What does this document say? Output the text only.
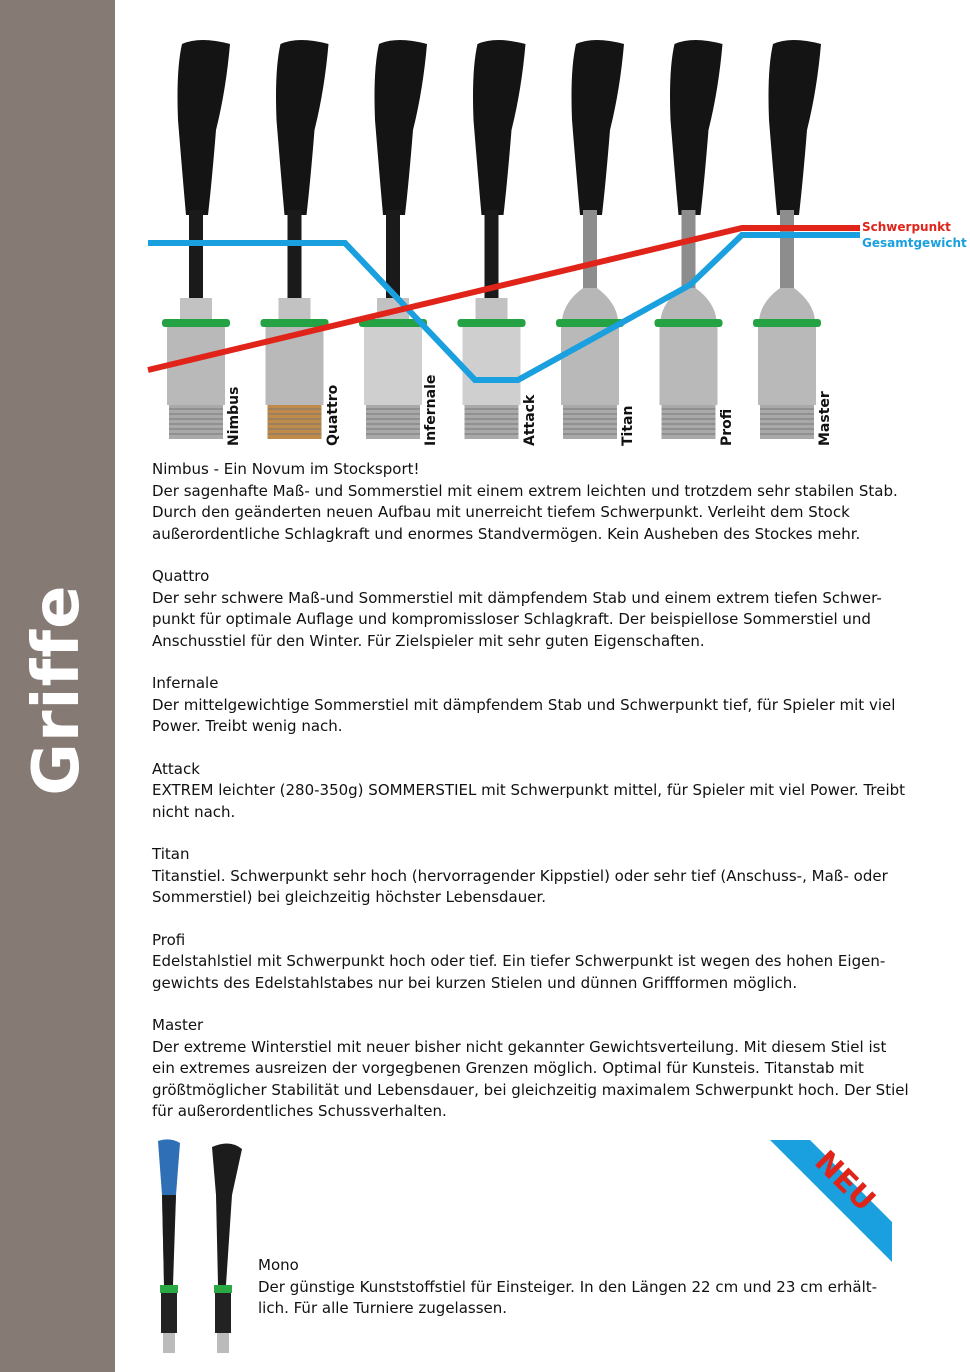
Griffe
Schwerpunkt
Gesamtgewicht
Nimbus	Quattro	Infernale	Attack	Titan	Profi	Master

Nimbus - Ein Novum im Stocksport!

Der sagenhafte Maß- und Sommerstiel mit einem extrem leichten und trotzdem sehr stabilen Stab. Durch den geänderten neuen Aufbau mit unerreicht tiefem Schwerpunkt. Verleiht dem Stock außerordentliche Schlagkraft und enormes Standvermögen. Kein Ausheben des Stockes mehr.

Quattro

Der sehr schwere Maß-und Sommerstiel mit dämpfendem Stab und einem extrem tiefen Schwer-punkt für optimale Auflage und kompromissloser Schlagkraft. Der beispiellose Sommerstiel und Anschusstiel für den Winter. Für Zielspieler mit sehr guten Eigenschaften.

Infernale

Der mittelgewichtige Sommerstiel mit dämpfendem Stab und Schwerpunkt tief, für Spieler mit viel Power. Treibt wenig nach.

Attack

EXTREM leichter (280-350g) SOMMERSTIEL mit Schwerpunkt mittel, für Spieler mit viel Power. Treibt nicht nach.

Titan

Titanstiel. Schwerpunkt sehr hoch (hervorragender Kippstiel) oder sehr tief (Anschuss-, Maß- oder Sommerstiel) bei gleichzeitig höchster Lebensdauer.

Profi

Edelstahlstiel mit Schwerpunkt hoch oder tief. Ein tiefer Schwerpunkt ist wegen des hohen Eigen-gewichts des Edelstahlstabes nur bei kurzen Stielen und dünnen Griffformen möglich.

Master

Der extreme Winterstiel mit neuer bisher nicht gekannter Gewichtsverteilung. Mit diesem Stiel ist ein extremes ausreizen der vorgegbenen Grenzen möglich. Optimal für Kunsteis. Titanstab mit größtmöglicher Stabilität und Lebensdauer, bei gleichzeitig maximalem Schwerpunkt hoch. Der Stiel für außerordentliches Schussverhalten.

Mono
Der günstige Kunststoffstiel für Einsteiger. In den Längen 22 cm und 23 cm erhält-lich. Für alle Turniere zugelassen.
NEU
